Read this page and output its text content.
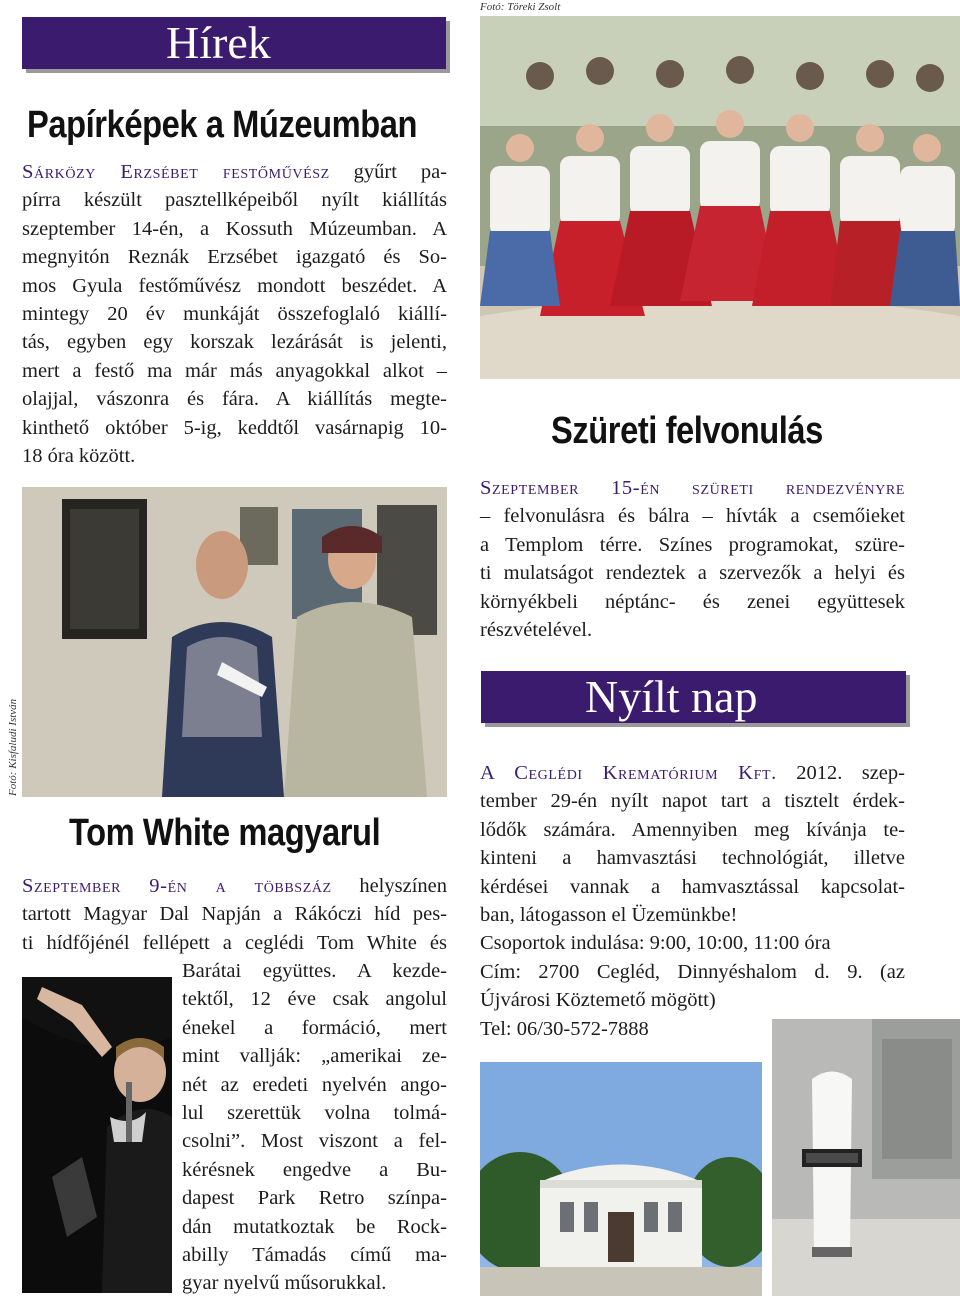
Hírek
Papírképek a Múzeumban
Sárközy Erzsébet festőművész gyűrt pa-
pírra készült pasztellképeiből nyílt kiállítás
szeptember 14-én, a Kossuth Múzeumban. A
megnyitón Reznák Erzsébet igazgató és So-
mos Gyula festőművész mondott beszédet. A
mintegy 20 év munkáját összefoglaló kiállí-
tás, egyben egy korszak lezárását is jelenti,
mert a festő ma már más anyagokkal alkot –
olajjal, vászonra és fára. A kiállítás megte-
kinthető október 5-ig, keddtől vasárnapig 10-
18 óra között.
Fotó: Kisfaludi István
Tom White magyarul
Szeptember 9-én a többszáz helyszínen
tartott Magyar Dal Napján a Rákóczi híd pes-
ti hídfőjénél fellépett a ceglédi Tom White és
Barátai együttes. A kezde-
tektől, 12 éve csak angolul
énekel a formáció, mert
mint vallják: „amerikai ze-
nét az eredeti nyelvén ango-
lul szerettük volna tolmá-
csolni”. Most viszont a fel-
kérésnek engedve a Bu-
dapest Park Retro színpa-
dán mutatkoztak be Rock-
abilly Támadás című ma-
gyar nyelvű műsorukkal.
Fotó: Töreki Zsolt
Szüreti felvonulás
Szeptember 15-én szüreti rendezvényre
– felvonulásra és bálra – hívták a csemőieket
a Templom térre. Színes programokat, szüre-
ti mulatságot rendeztek a szervezők a helyi és
környékbeli néptánc- és zenei együttesek
részvételével.
Nyílt nap
A Ceglédi Krematórium Kft. 2012. szep-
tember 29-én nyílt napot tart a tisztelt érdek-
lődők számára. Amennyiben meg kívánja te-
kinteni a hamvasztási technológiát, illetve
kérdései vannak a hamvasztással kapcsolat-
ban, látogasson el Üzemünkbe!
Csoportok indulása: 9:00, 10:00, 11:00 óra
Cím: 2700 Cegléd, Dinnyéshalom d. 9. (az
Újvárosi Köztemető mögött)
Tel: 06/30-572-7888
